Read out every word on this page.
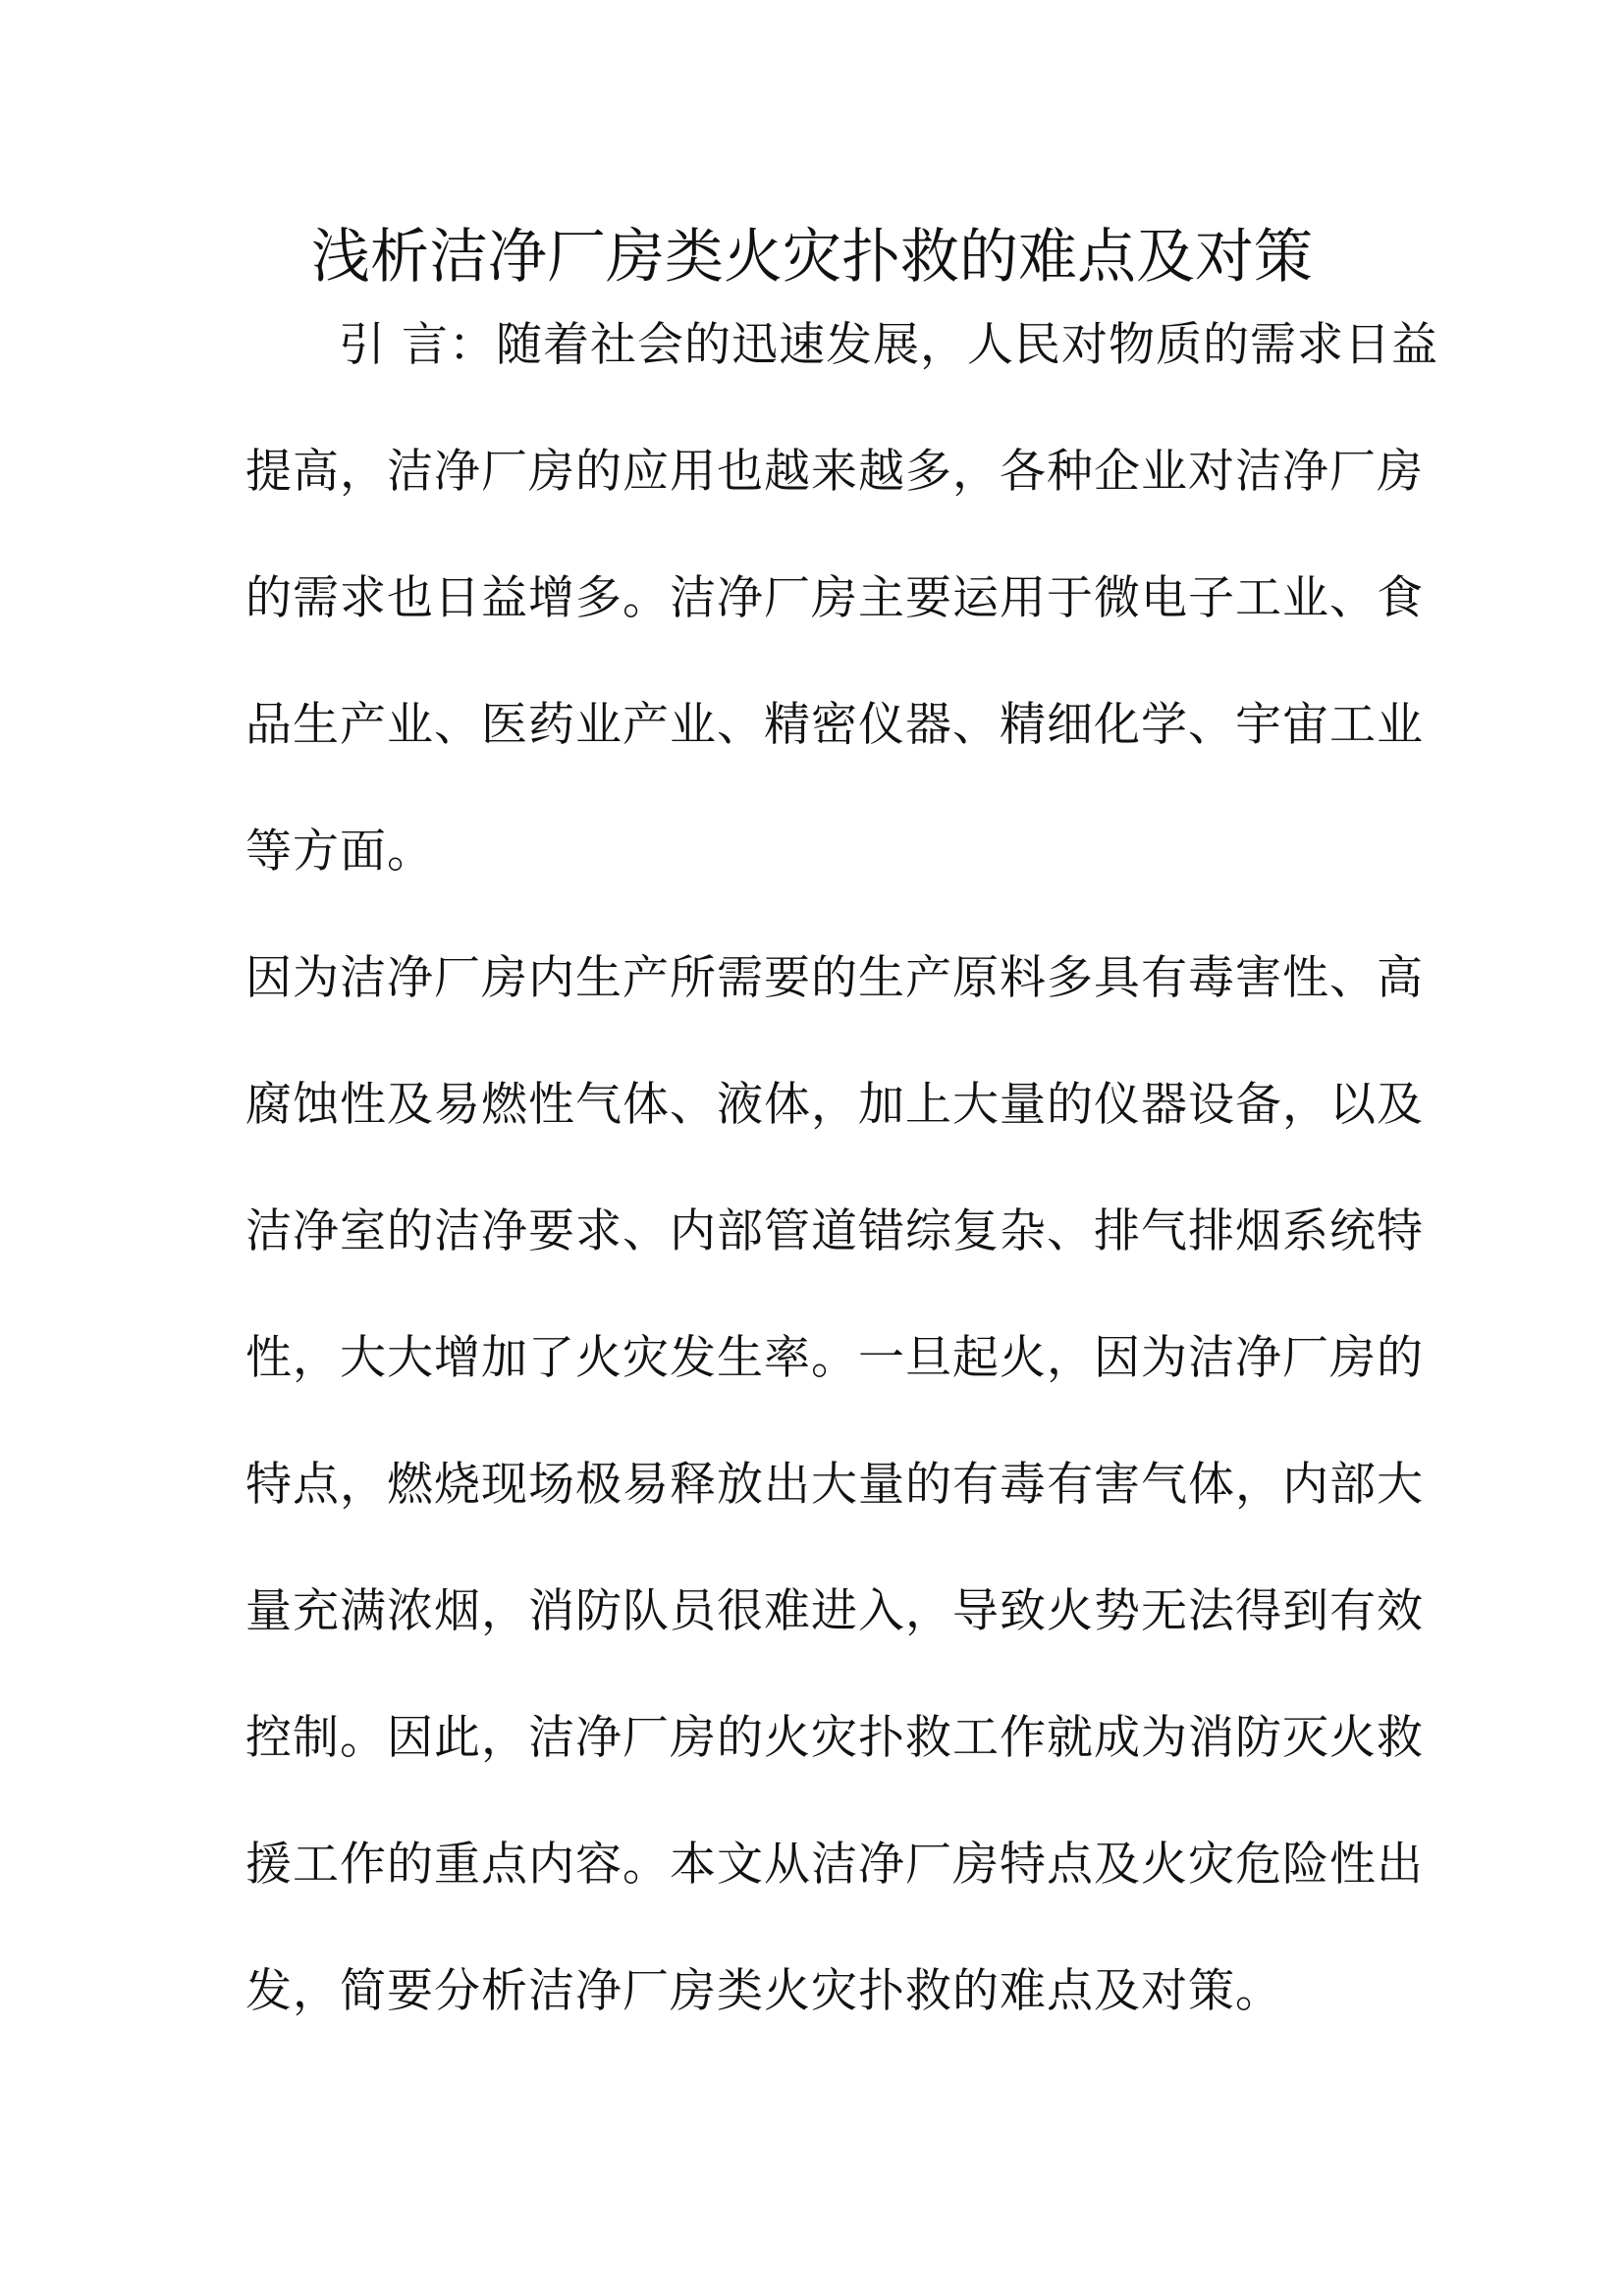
浅析洁净厂房类火灾扑救的难点及对策
引 言：随着社会的迅速发展，人民对物质的需求日益
提高，洁净厂房的应用也越来越多，各种企业对洁净厂房
的需求也日益增多。洁净厂房主要运用于微电子工业、食
品生产业、医药业产业、精密仪器、精细化学、宇宙工业
等方面。
因为洁净厂房内生产所需要的生产原料多具有毒害性、高
腐蚀性及易燃性气体、液体，加上大量的仪器设备，以及
洁净室的洁净要求、内部管道错综复杂、排气排烟系统特
性，大大增加了火灾发生率。一旦起火，因为洁净厂房的
特点，燃烧现场极易释放出大量的有毒有害气体，内部大
量充满浓烟，消防队员很难进入，导致火势无法得到有效
控制。因此，洁净厂房的火灾扑救工作就成为消防灭火救
援工作的重点内容。本文从洁净厂房特点及火灾危险性出
发，简要分析洁净厂房类火灾扑救的难点及对策。
